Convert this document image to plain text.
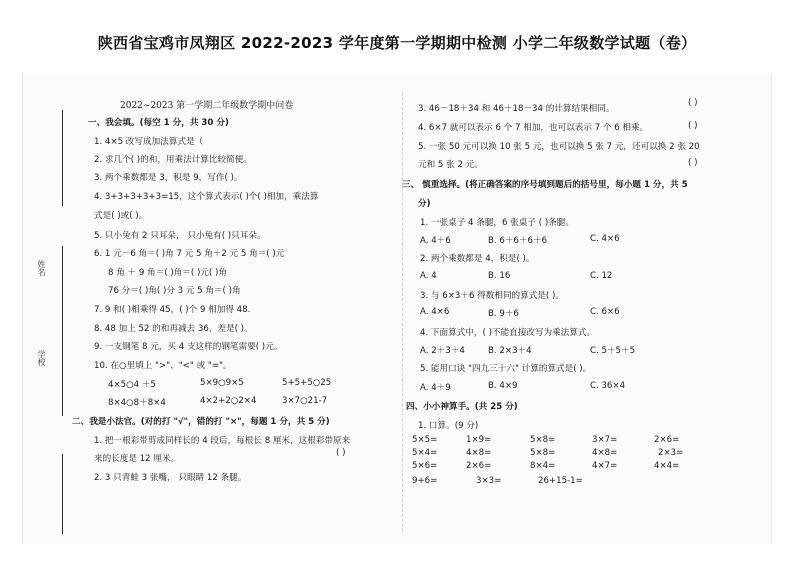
陕西省宝鸡市凤翔区 2022-2023 学年度第一学期期中检测 小学二年级数学试题（卷）
姓名
学校
2022~2023 第一学期二年级数学期中问卷
一、我会填。(每空 1 分，共 30 分)
1. 4×5 改写成加法算式是（
2. 求几个( )的和，用乘法计算比较简便。
3. 两个乘数都是 3，积是 9，写作( )。
4. 3+3+3+3+3=15，这个算式表示( )个( )相加，乘法算
式是( )或( )。
5. 只小兔有 2 只耳朵， 只小兔有( )只耳朵。
6. 1 元－6 角＝( )角 7 元 5 角＋2 元 5 角＝( )元
8 角 ＋ 9 角＝( )角＝( )元( )角
76 分＝( )角( )分 3 元 5 角＝( )角
7. 9 和( )相乘得 45，( )个 9 相加得 48.
8. 48 加上 52 的和再减去 36，差是( )。
9. 一支钢笔 8 元，买 4 支这样的钢笔需要( )元。
10. 在○里填上 ">"、"<" 或 "="。
4×5○4 ＋5	5×9○9×5	5+5+5○25
8×4○8＋8×4	4×2+2○2×4	3×7○21-7
二、我是小法官。(对的打 "√"，错的打 "×"，每题 1 分，共 5 分)
1. 把一根彩带剪成同样长的 4 段后，每根长 8 厘米，这根彩带原来
来的长度是 12 厘米。
( )
2. 3 只青蛙 3 张嘴， 只眼睛 12 条腿。
3. 46－18＋34 和 46＋18－34 的计算结果相同。
( )
4. 6×7 就可以表示 6 个 7 相加，也可以表示 7 个 6 相乘。	( )
5. 一张 50 元可以换 10 张 5 元，也可以换 5 张 7 元，还可以换 2 张 20
元和 5 张 2 元。	( )
三、 慎重选择。(将正确答案的序号填到题后的括号里，每小题 1 分，共 5
分)
1. 一张桌子 4 条腿，6 张桌子 ( )条腿。
A. 4＋6	B. 6＋6＋6＋6	C. 4×6
2. 两个乘数都是 4，积是( )。
A. 4	B. 16	C. 12
3. 与 6×3＋6 得数相同的算式是( )。
A. 4×6	B. 9＋6	C. 6×6
4. 下面算式中，( )不能直接改写为乘法算式。
A. 2＋3＋4	B. 2×3＋4	C. 5＋5＋5
5. 能用口诀 "四九三十六" 计算的算式是( )。
A. 4＋9	B. 4×9	C. 36×4
四、小小神算手。(共 25 分)
1. 口算。(9 分)
5×5=	1×9=	5×8=	3×7=	2×6=
5×4=	4×8=	5×8=	4×8=	2×3=
5×6=	2×6=	8×4=	4×7=	4×4=
9+6=	3×3=	26+15-1=
